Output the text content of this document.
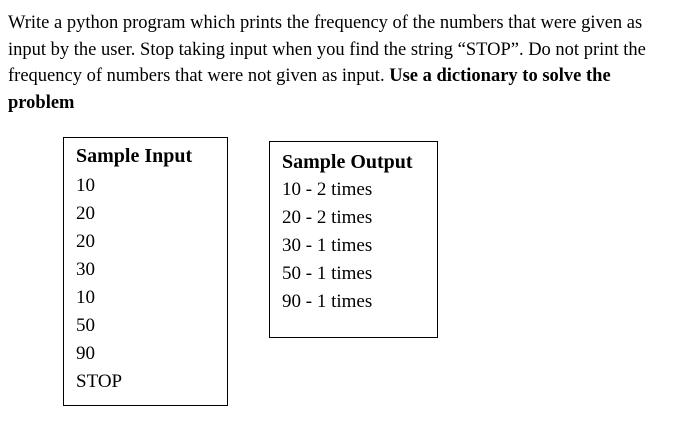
Write a python program which prints the frequency of the numbers that were given as input by the user. Stop taking input when you find the string “STOP”. Do not print the frequency of numbers that were not given as input. Use a dictionary to solve the problem

Sample Input
10
20
20
30
10
50
90
STOP
Sample Output
10 - 2 times
20 - 2 times
30 - 1 times
50 - 1 times
90 - 1 times
